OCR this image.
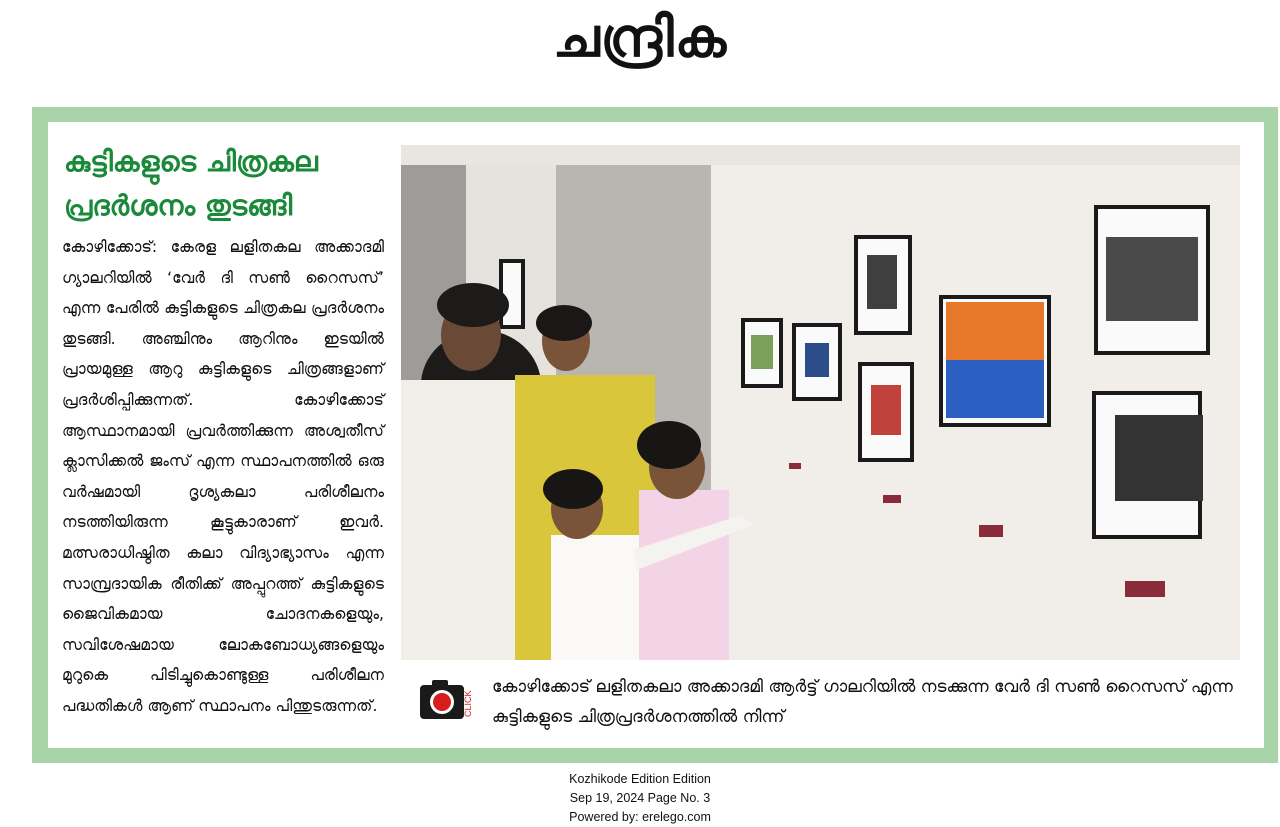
ചന്ദ്രിക
കുട്ടികളുടെ ചിത്രകല പ്രദർശനം തുടങ്ങി
കോഴിക്കോട്: കേരള ലളിതകല അക്കാദമി ഗ്യാലറിയിൽ ‘വേർ ദി സൺ റൈസസ്’ എന്ന പേരിൽ കുട്ടികളുടെ ചിത്രകല പ്രദർശനം തുടങ്ങി. അഞ്ചിനും ആറിനും ഇടയിൽ പ്രായമുള്ള ആറു കുട്ടികളുടെ ചിത്രങ്ങളാണ് പ്രദർശിപ്പിക്കുന്നത്. കോഴിക്കോട് ആസ്ഥാനമായി പ്രവർത്തിക്കുന്ന അശ്വതീസ് ക്ലാസിക്കൽ ജംസ് എന്ന സ്ഥാപനത്തിൽ ഒരു വർഷമായി ദൃശ്യകലാ പരിശീലനം നടത്തിയിരുന്ന കൂട്ടുകാരാണ് ഇവർ. മത്സരാധിഷ്ഠിത കലാ വിദ്യാഭ്യാസം എന്ന സാമ്പ്രദായിക രീതിക്ക് അപ്പുറത്ത് കുട്ടികളുടെ ജൈവികമായ ചോദനകളെയും, സവിശേഷമായ ലോകബോധ്യങ്ങളെയും മുറുകെ പിടിച്ചുകൊണ്ടുള്ള പരിശീലന പദ്ധതികൾ ആണ് സ്ഥാപനം പിന്തുടരുന്നത്.	CLICK
കോഴിക്കോട് ലളിതകലാ അക്കാദമി ആർട്ട് ഗാലറിയിൽ നടക്കുന്ന വേർ ദി സൺ റൈസസ് എന്ന കുട്ടികളുടെ ചിത്രപ്രദർശനത്തിൽ നിന്ന്
Kozhikode Edition Edition
Sep 19, 2024 Page No. 3
Powered by: erelego.com
